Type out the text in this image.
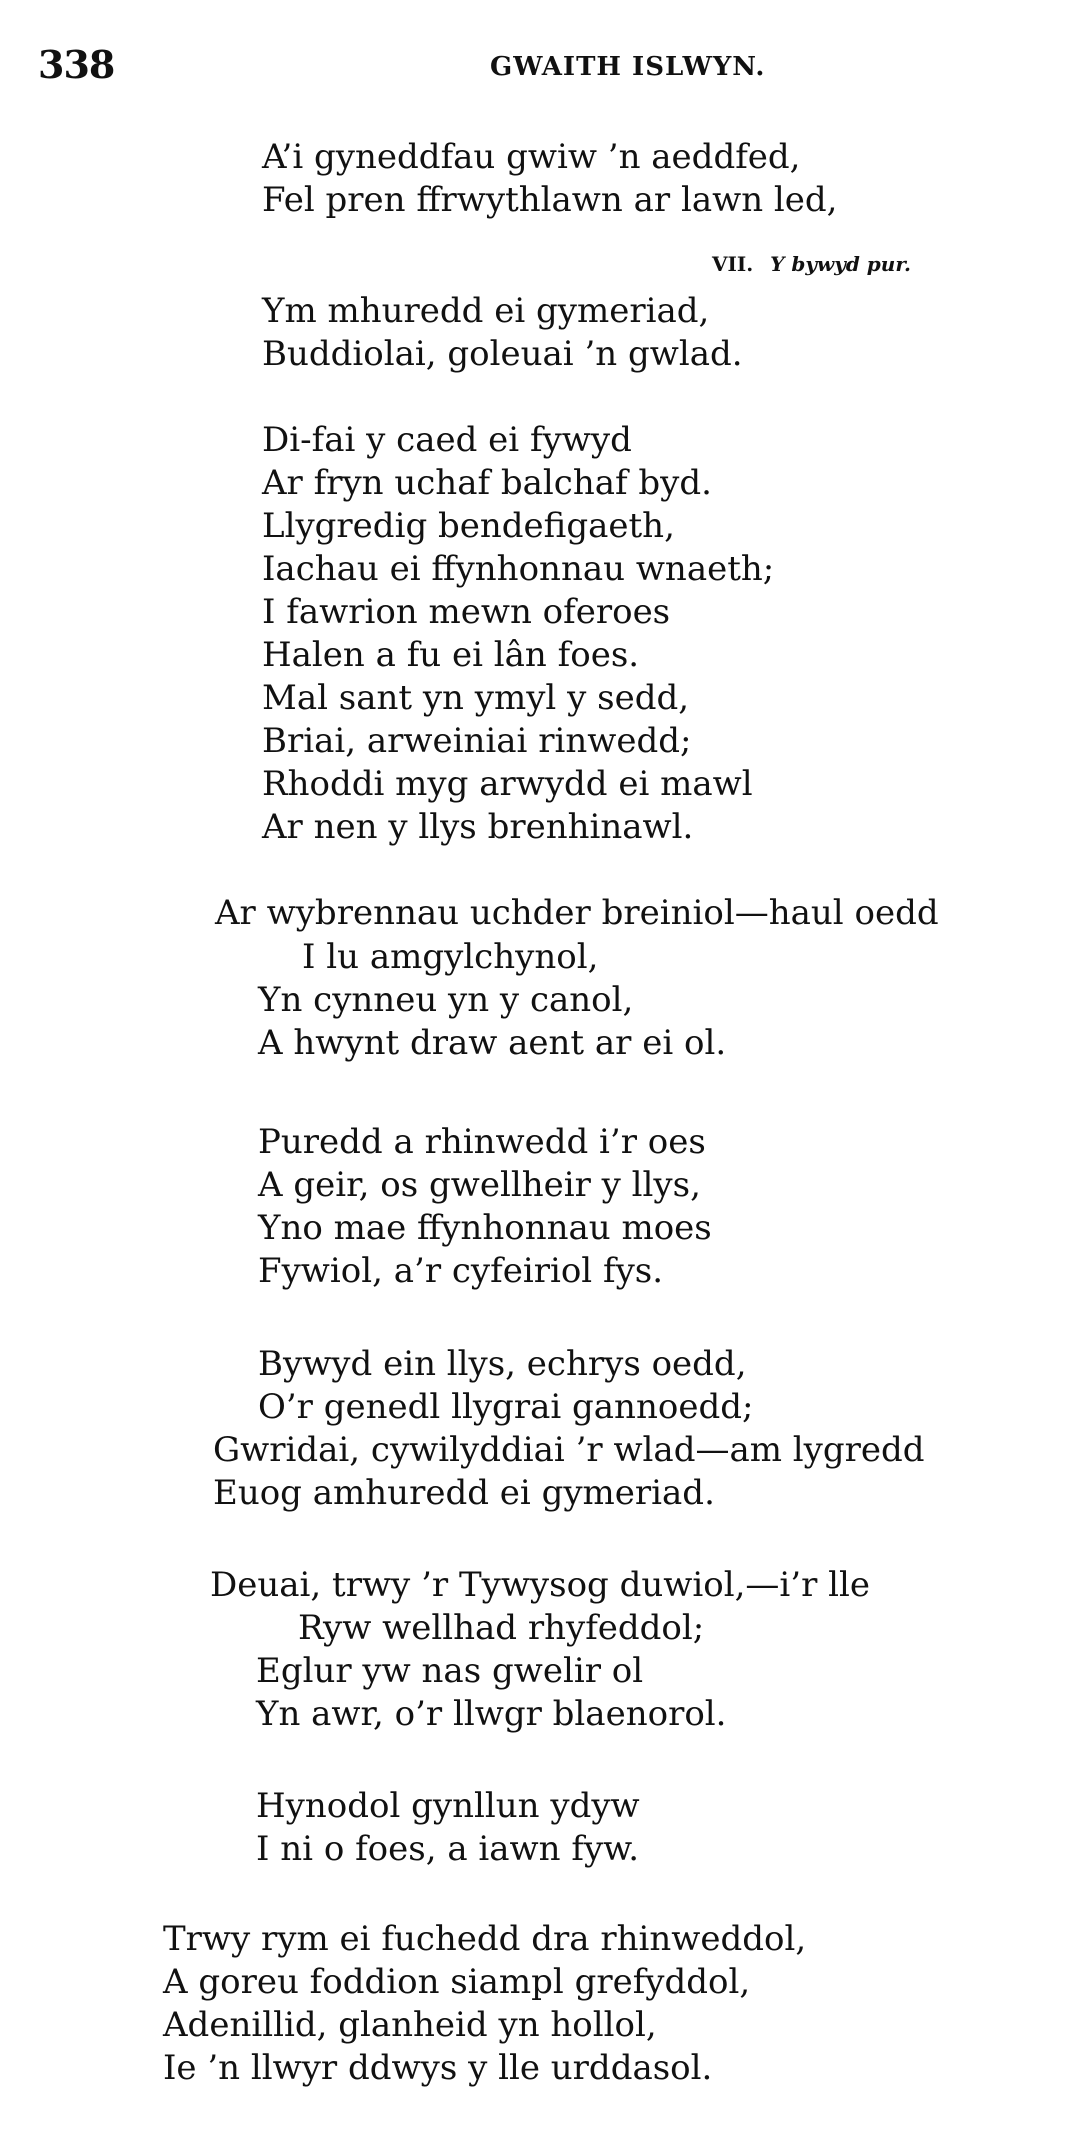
338	GWAITH ISLWYN.
VII. Y bywyd pur.
A’i gyneddfau gwiw ’n aeddfed,
Fel pren ffrwythlawn ar lawn led,
Ym mhuredd ei gymeriad,
Buddiolai, goleuai ’n gwlad.
Di-fai y caed ei fywyd
Ar fryn uchaf balchaf byd.
Llygredig bendefigaeth,
Iachau ei ffynhonnau wnaeth;
I fawrion mewn oferoes
Halen a fu ei lân foes.
Mal sant yn ymyl y sedd,
Briai, arweiniai rinwedd;
Rhoddi myg arwydd ei mawl
Ar nen y llys brenhinawl.
Ar wybrennau uchder breiniol—haul oedd
I lu amgylchynol,
Yn cynneu yn y canol,
A hwynt draw aent ar ei ol.
Puredd a rhinwedd i’r oes
A geir, os gwellheir y llys,
Yno mae ffynhonnau moes
Fywiol, a’r cyfeiriol fys.
Bywyd ein llys, echrys oedd,
O’r genedl llygrai gannoedd;
Gwridai, cywilyddiai ’r wlad—am lygredd
Euog amhuredd ei gymeriad.
Deuai, trwy ’r Tywysog duwiol,—i’r lle
Ryw wellhad rhyfeddol;
Eglur yw nas gwelir ol
Yn awr, o’r llwgr blaenorol.
Hynodol gynllun ydyw
I ni o foes, a iawn fyw.
Trwy rym ei fuchedd dra rhinweddol,
A goreu foddion siampl grefyddol,
Adenillid, glanheid yn hollol,
Ie ’n llwyr ddwys y lle urddasol.
